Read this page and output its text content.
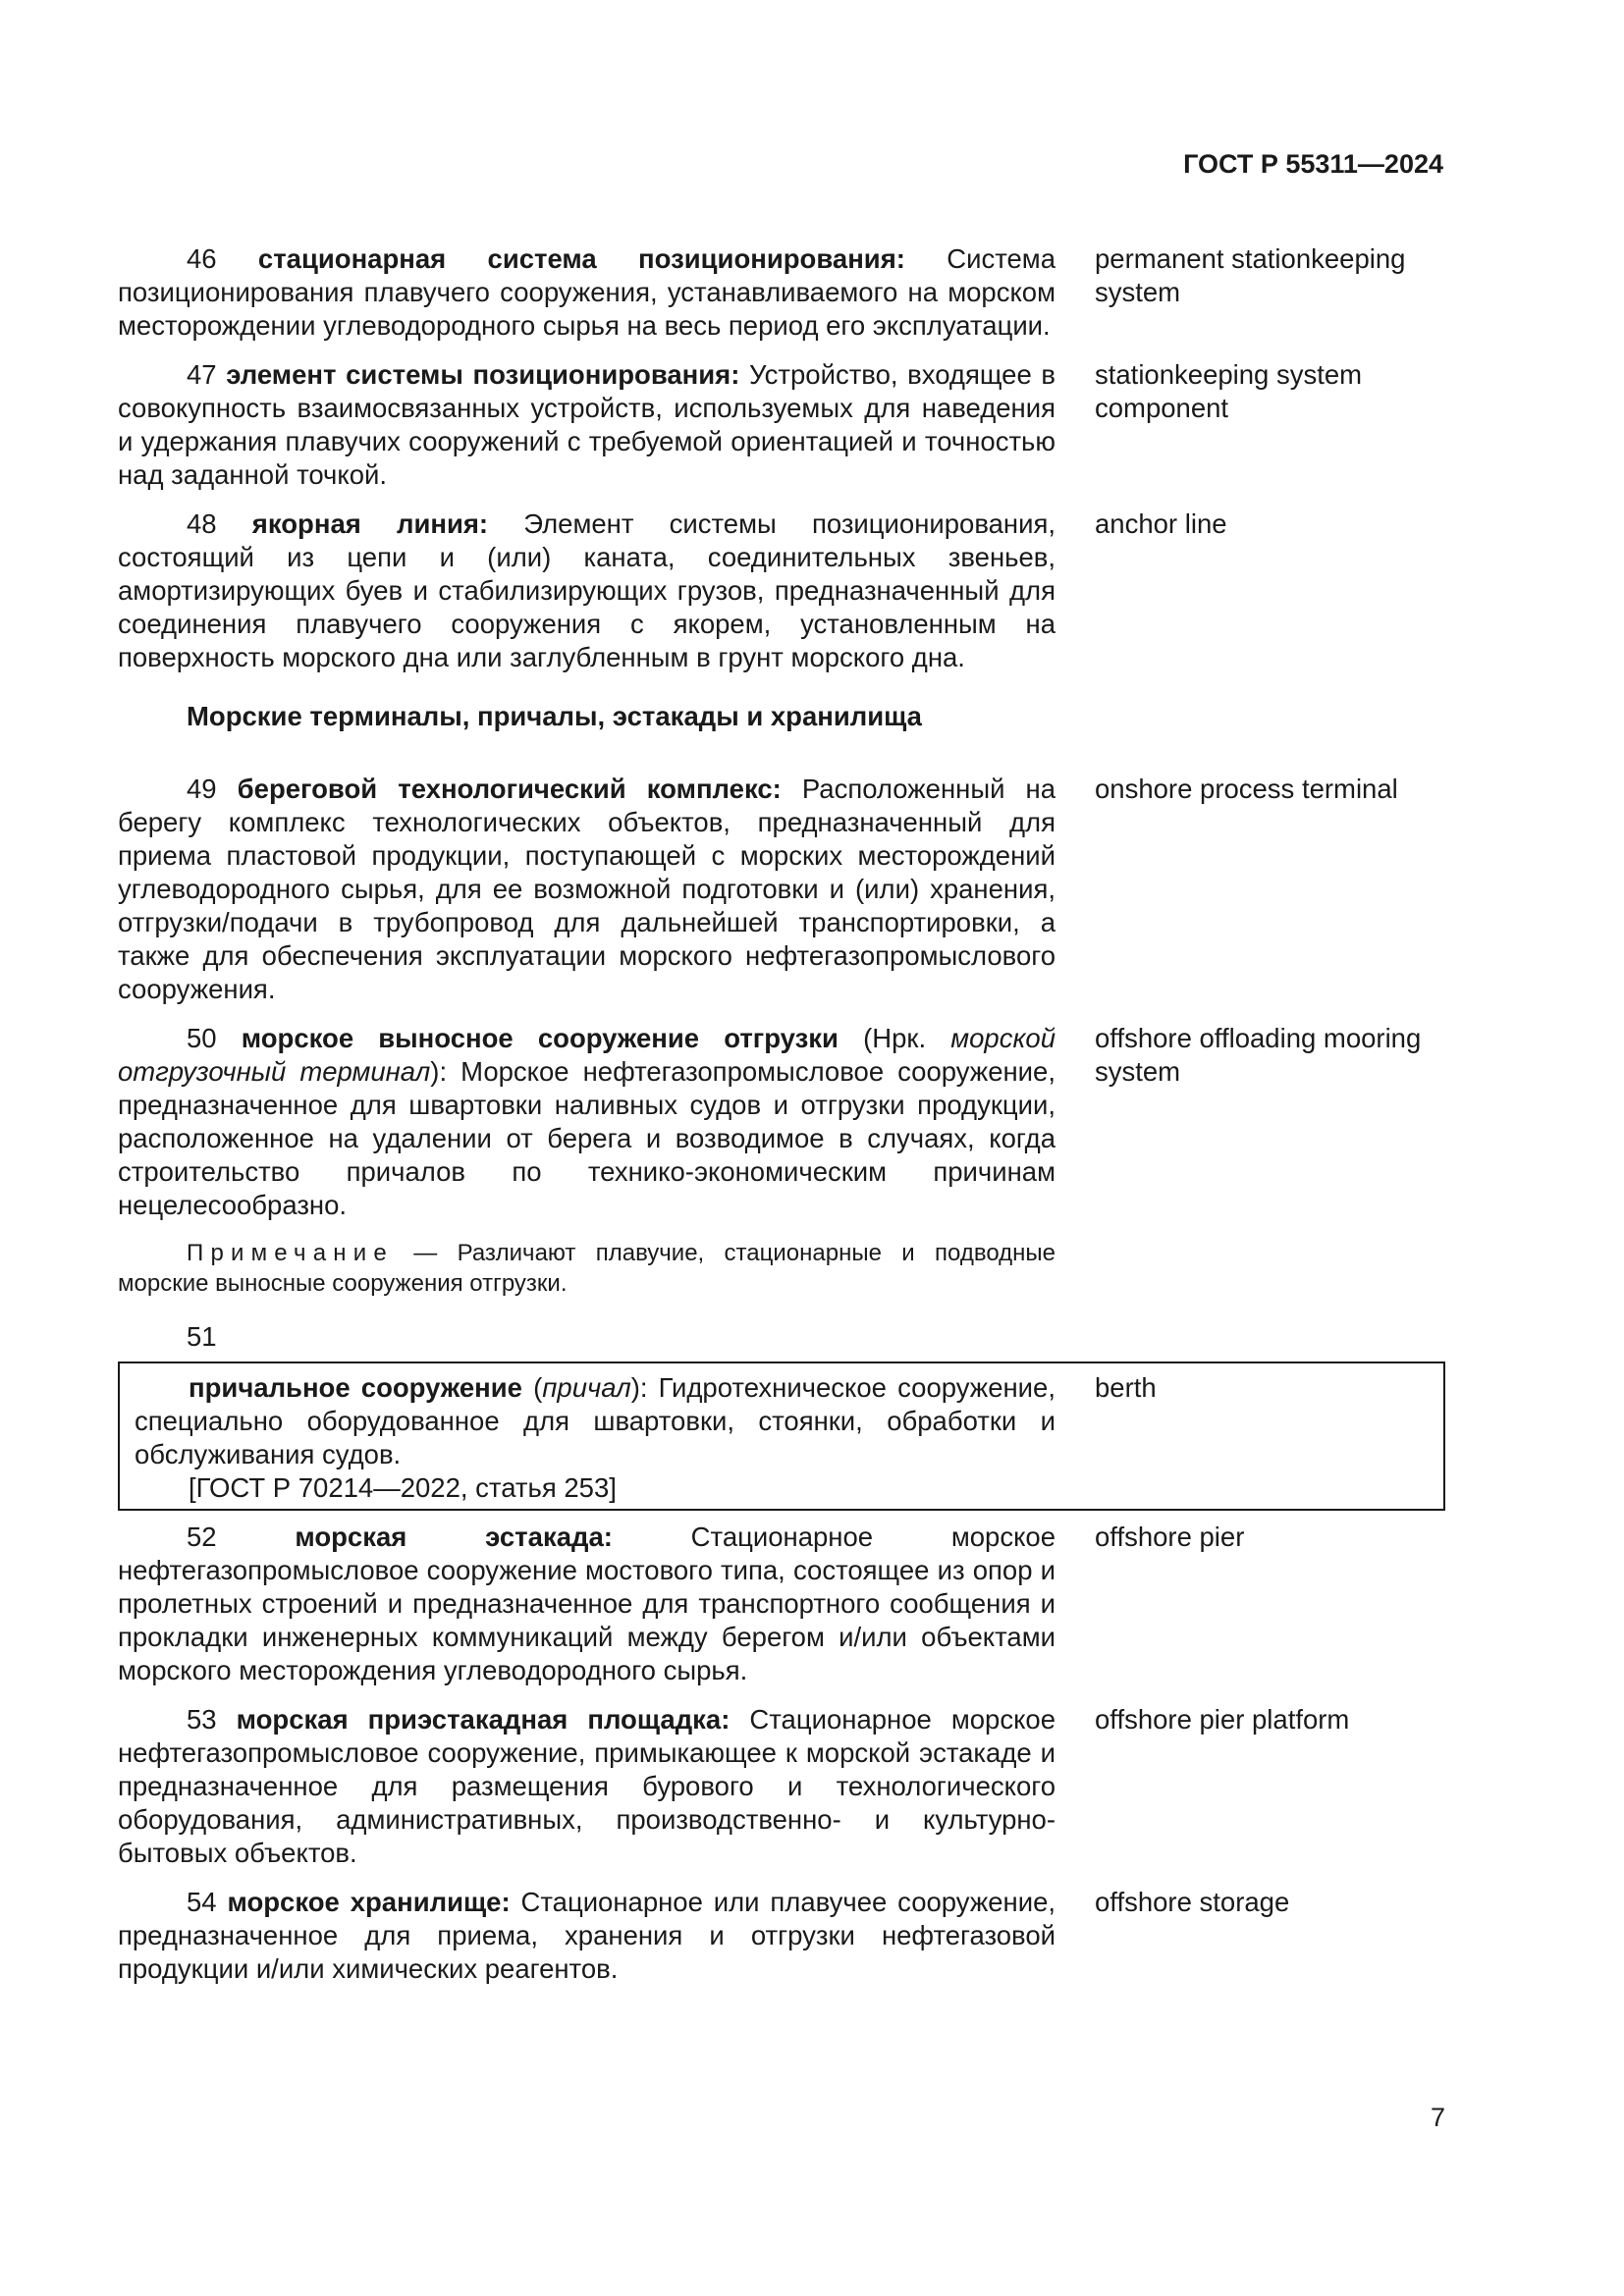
ГОСТ Р 55311—2024
46 стационарная система позиционирования: Система позиционирования плавучего сооружения, устанавливаемого на морском месторождении углеводородного сырья на весь период его эксплуатации.
permanent stationkeeping system
47 элемент системы позиционирования: Устройство, входящее в совокупность взаимосвязанных устройств, используемых для наведения и удержания плавучих сооружений с требуемой ориентацией и точностью над заданной точкой.
stationkeeping system component
48 якорная линия: Элемент системы позиционирования, состоящий из цепи и (или) каната, соединительных звеньев, амортизирующих буев и стабилизирующих грузов, предназначенный для соединения плавучего сооружения с якорем, установленным на поверхность морского дна или заглубленным в грунт морского дна.
anchor line
Морские терминалы, причалы, эстакады и хранилища
49 береговой технологический комплекс: Расположенный на берегу комплекс технологических объектов, предназначенный для приема пластовой продукции, поступающей с морских месторождений углеводородного сырья, для ее возможной подготовки и (или) хранения, отгрузки/подачи в трубопровод для дальнейшей транспортировки, а также для обеспечения эксплуатации морского нефтегазопромыслового сооружения.
onshore process terminal
50 морское выносное сооружение отгрузки (Нрк. морской отгрузочный терминал): Морское нефтегазопромысловое сооружение, предназначенное для швартовки наливных судов и отгрузки продукции, расположенное на удалении от берега и возводимое в случаях, когда строительство причалов по технико-экономическим причинам нецелесообразно.
offshore offloading mooring system
Примечание — Различают плавучие, стационарные и подводные морские выносные сооружения отгрузки.
51
причальное сооружение (причал): Гидротехническое сооружение, специально оборудованное для швартовки, стоянки, обработки и обслуживания судов.
[ГОСТ Р 70214—2022, статья 253]
berth
52	морская эстакада: Стационарное морское нефтегазопромысловое сооружение мостового типа, состоящее из опор и пролетных строений и предназначенное для транспортного сообщения и прокладки инженерных коммуникаций между берегом и/или объектами морского месторождения углеводородного сырья.
offshore pier
53 морская приэстакадная площадка: Стационарное морское нефтегазопромысловое сооружение, примыкающее к морской эстакаде и предназначенное для размещения бурового и технологического оборудования, административных, производственно- и культурно-бытовых объектов.
offshore pier platform
54 морское хранилище: Стационарное или плавучее сооружение, предназначенное для приема, хранения и отгрузки нефтегазовой продукции и/или химических реагентов.
offshore storage
7
